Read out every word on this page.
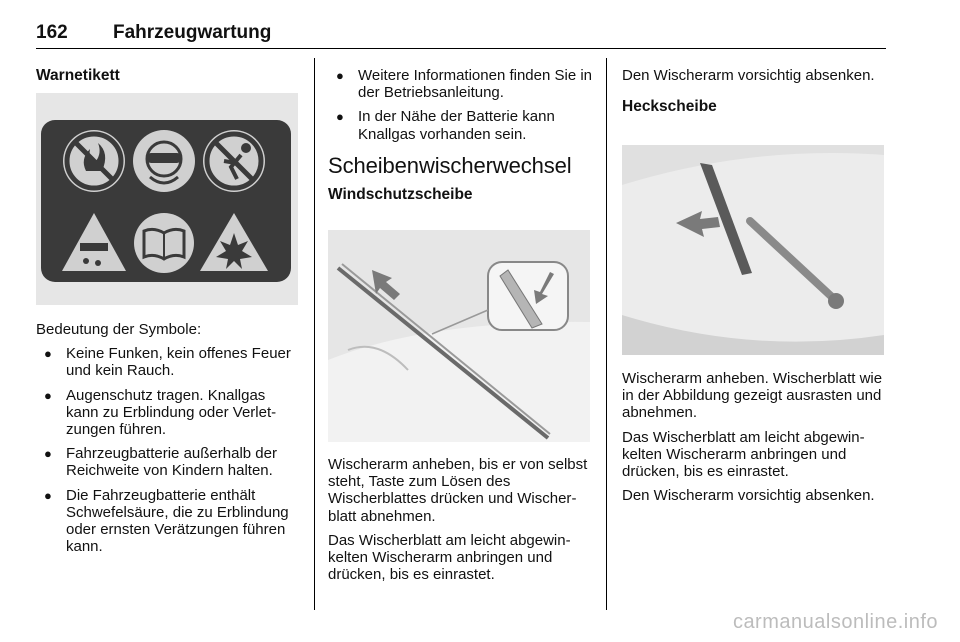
162 Fahrzeugwartung
Warnetikett

Bedeutung der Symbole:

● Keine Funken, kein offenes Feuer und kein Rauch.
● Augenschutz tragen. Knallgas kann zu Erblindung oder Verletzungen führen.
● Fahrzeugbatterie außerhalb der Reichweite von Kindern halten.
● Die Fahrzeugbatterie enthält Schwefelsäure, die zu Erblindung oder ernsten Verätzungen führen kann.
● Weitere Informationen finden Sie in der Betriebsanleitung.
● In der Nähe der Batterie kann Knallgas vorhanden sein.
Scheibenwischerwechsel
Windschutzscheibe

Wischerarm anheben, bis er von selbst steht, Taste zum Lösen des Wischerblattes drücken und Wischerblatt abnehmen.

Das Wischerblatt am leicht abgewinkelten Wischerarm anbringen und drücken, bis es einrastet.

Den Wischerarm vorsichtig absenken.

Heckscheibe

Wischerarm anheben. Wischerblatt wie in der Abbildung gezeigt ausrasten und abnehmen.

Das Wischerblatt am leicht abgewinkelten Wischerarm anbringen und drücken, bis es einrastet.

Den Wischerarm vorsichtig absenken.

carmanualsonline.info
